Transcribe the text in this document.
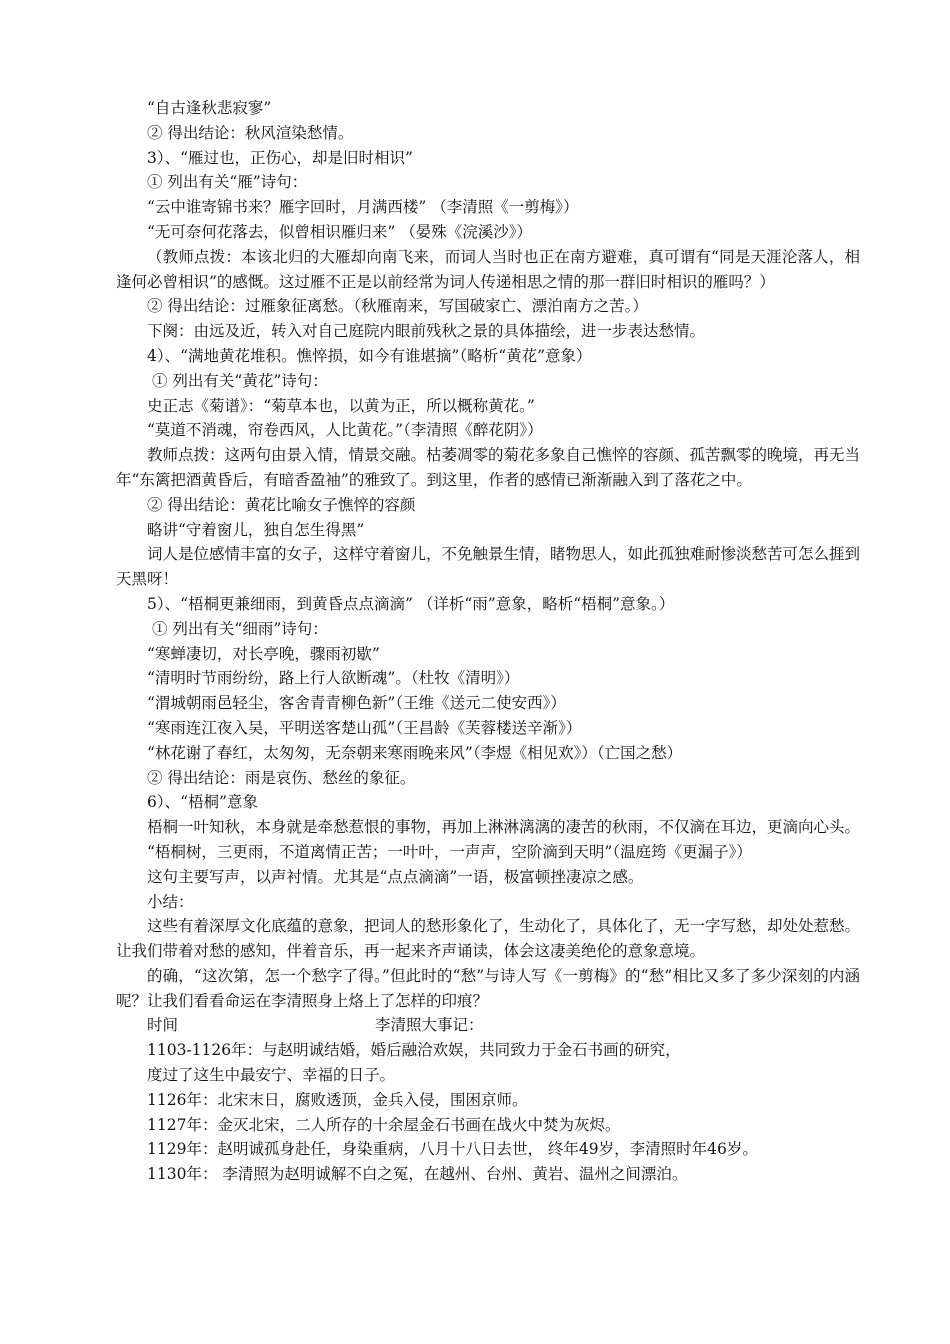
“自古逢秋悲寂寥”
② 得出结论：秋风渲染愁情。
3）、“雁过也，正伤心，却是旧时相识”
① 列出有关“雁”诗句：
“云中谁寄锦书来？雁字回时，月满西楼” （李清照《一剪梅》）
“无可奈何花落去，似曾相识雁归来” （晏殊《浣溪沙》）
（教师点拨：本该北归的大雁却向南飞来，而词人当时也正在南方避难，真可谓有“同是天涯沦落人，相逢何必曾相识”的感慨。这过雁不正是以前经常为词人传递相思之情的那一群旧时相识的雁吗？）
② 得出结论：过雁象征离愁。（秋雁南来，写国破家亡、漂泊南方之苦。）
下阕：由远及近，转入对自己庭院内眼前残秋之景的具体描绘，进一步表达愁情。
4）、“满地黄花堆积。憔悴损，如今有谁堪摘”（略析“黄花”意象）
① 列出有关“黄花”诗句：
史正志《菊谱》：“菊草本也，以黄为正，所以概称黄花。”
“莫道不消魂，帘卷西风，人比黄花。”（李清照《醉花阴》）
教师点拨：这两句由景入情，情景交融。枯萎凋零的菊花多象自己憔悴的容颜、孤苦飘零的晚境，再无当年“东篱把酒黄昏后，有暗香盈袖”的雅致了。到这里，作者的感情已渐渐融入到了落花之中。
② 得出结论：黄花比喻女子憔悴的容颜
略讲“守着窗儿，独自怎生得黑”
词人是位感情丰富的女子，这样守着窗儿，不免触景生情，睹物思人，如此孤独难耐惨淡愁苦可怎么捱到天黑呀！
5）、“梧桐更兼细雨，到黄昏点点滴滴” （详析“雨”意象，略析“梧桐”意象。）
① 列出有关“细雨”诗句：
“寒蝉凄切，对长亭晚，骤雨初歇”
“清明时节雨纷纷，路上行人欲断魂”。（杜牧《清明》）
“渭城朝雨邑轻尘，客舍青青柳色新”（王维《送元二使安西》）
“寒雨连江夜入吴，平明送客楚山孤”（王昌龄《芙蓉楼送辛渐》）
“林花谢了春红，太匆匆，无奈朝来寒雨晚来风”（李煜《相见欢》）（亡国之愁）
② 得出结论：雨是哀伤、愁丝的象征。
6）、“梧桐”意象
梧桐一叶知秋，本身就是牵愁惹恨的事物，再加上淋淋漓漓的凄苦的秋雨，不仅滴在耳边，更滴向心头。
“梧桐树，三更雨，不道离情正苦；一叶叶，一声声，空阶滴到天明”（温庭筠《更漏子》）
这句主要写声，以声衬情。尤其是“点点滴滴”一语，极富顿挫凄凉之感。
小结：
这些有着深厚文化底蕴的意象，把词人的愁形象化了，生动化了，具体化了，无一字写愁，却处处惹愁。让我们带着对愁的感知，伴着音乐，再一起来齐声诵读，体会这凄美绝伦的意象意境。
的确，“这次第，怎一个愁字了得。”但此时的“愁”与诗人写《一剪梅》的“愁”相比又多了多少深刻的内涵呢？让我们看看命运在李清照身上烙上了怎样的印痕？
时间	李清照大事记：
1103-1126年：与赵明诚结婚，婚后融洽欢娱，共同致力于金石书画的研究，
度过了这生中最安宁、幸福的日子。
1126年：北宋末日，腐败透顶，金兵入侵，围困京师。
1127年：金灭北宋，二人所存的十余屋金石书画在战火中焚为灰烬。
1129年：赵明诚孤身赴任，身染重病，八月十八日去世， 终年49岁，李清照时年46岁。
1130年： 李清照为赵明诚解不白之冤，在越州、台州、黄岩、温州之间漂泊。
